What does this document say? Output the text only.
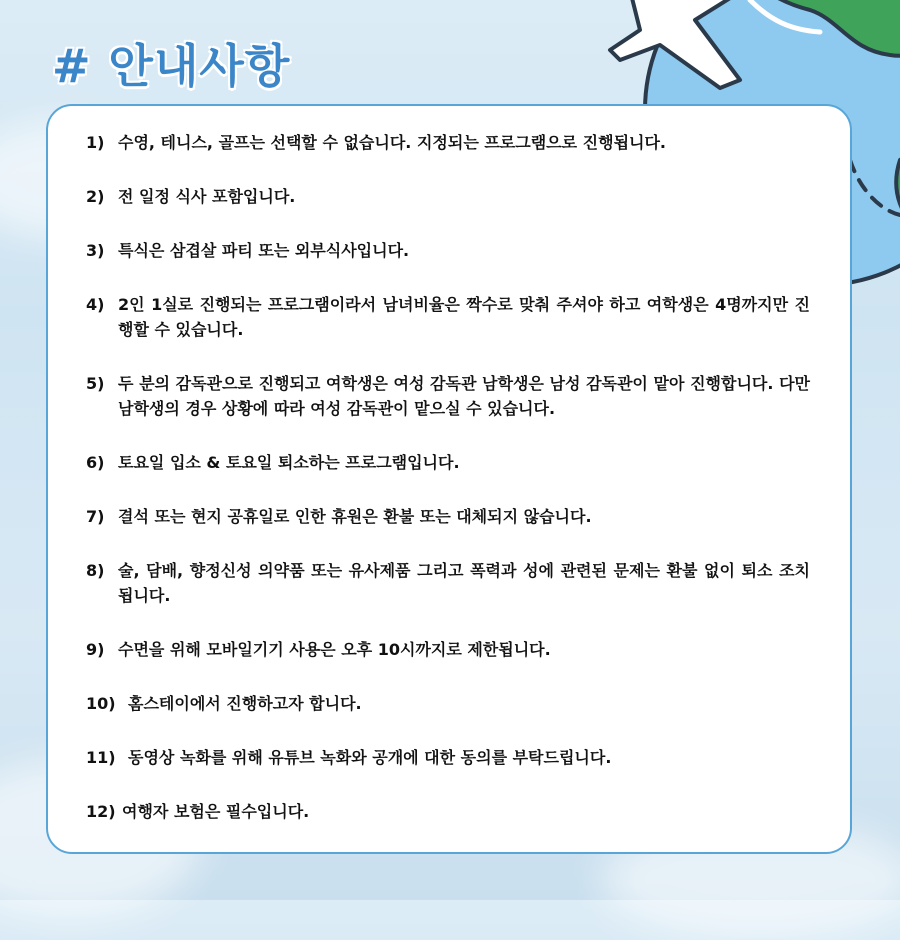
# 안내사항
1) 수영, 테니스, 골프는 선택할 수 없습니다. 지정되는 프로그램으로 진행됩니다.
2) 전 일정 식사 포함입니다.
3) 특식은 삼겹살 파티 또는 외부식사입니다.
4) 2인 1실로 진행되는 프로그램이라서 남녀비율은 짝수로 맞춰 주셔야 하고 여학생은 4명까지만 진행할 수 있습니다.
5) 두 분의 감독관으로 진행되고 여학생은 여성 감독관 남학생은 남성 감독관이 맡아 진행합니다. 다만 남학생의 경우 상황에 따라 여성 감독관이 맡으실 수 있습니다.
6) 토요일 입소 & 토요일 퇴소하는 프로그램입니다.
7) 결석 또는 현지 공휴일로 인한 휴원은 환불 또는 대체되지 않습니다.
8) 술, 담배, 향정신성 의약품 또는 유사제품 그리고 폭력과 성에 관련된 문제는 환불 없이 퇴소 조치 됩니다.
9) 수면을 위해 모바일기기 사용은 오후 10시까지로 제한됩니다.
10) 홈스테이에서 진행하고자 합니다.
11) 동영상 녹화를 위해 유튜브 녹화와 공개에 대한 동의를 부탁드립니다.
12) 여행자 보험은 필수입니다.
